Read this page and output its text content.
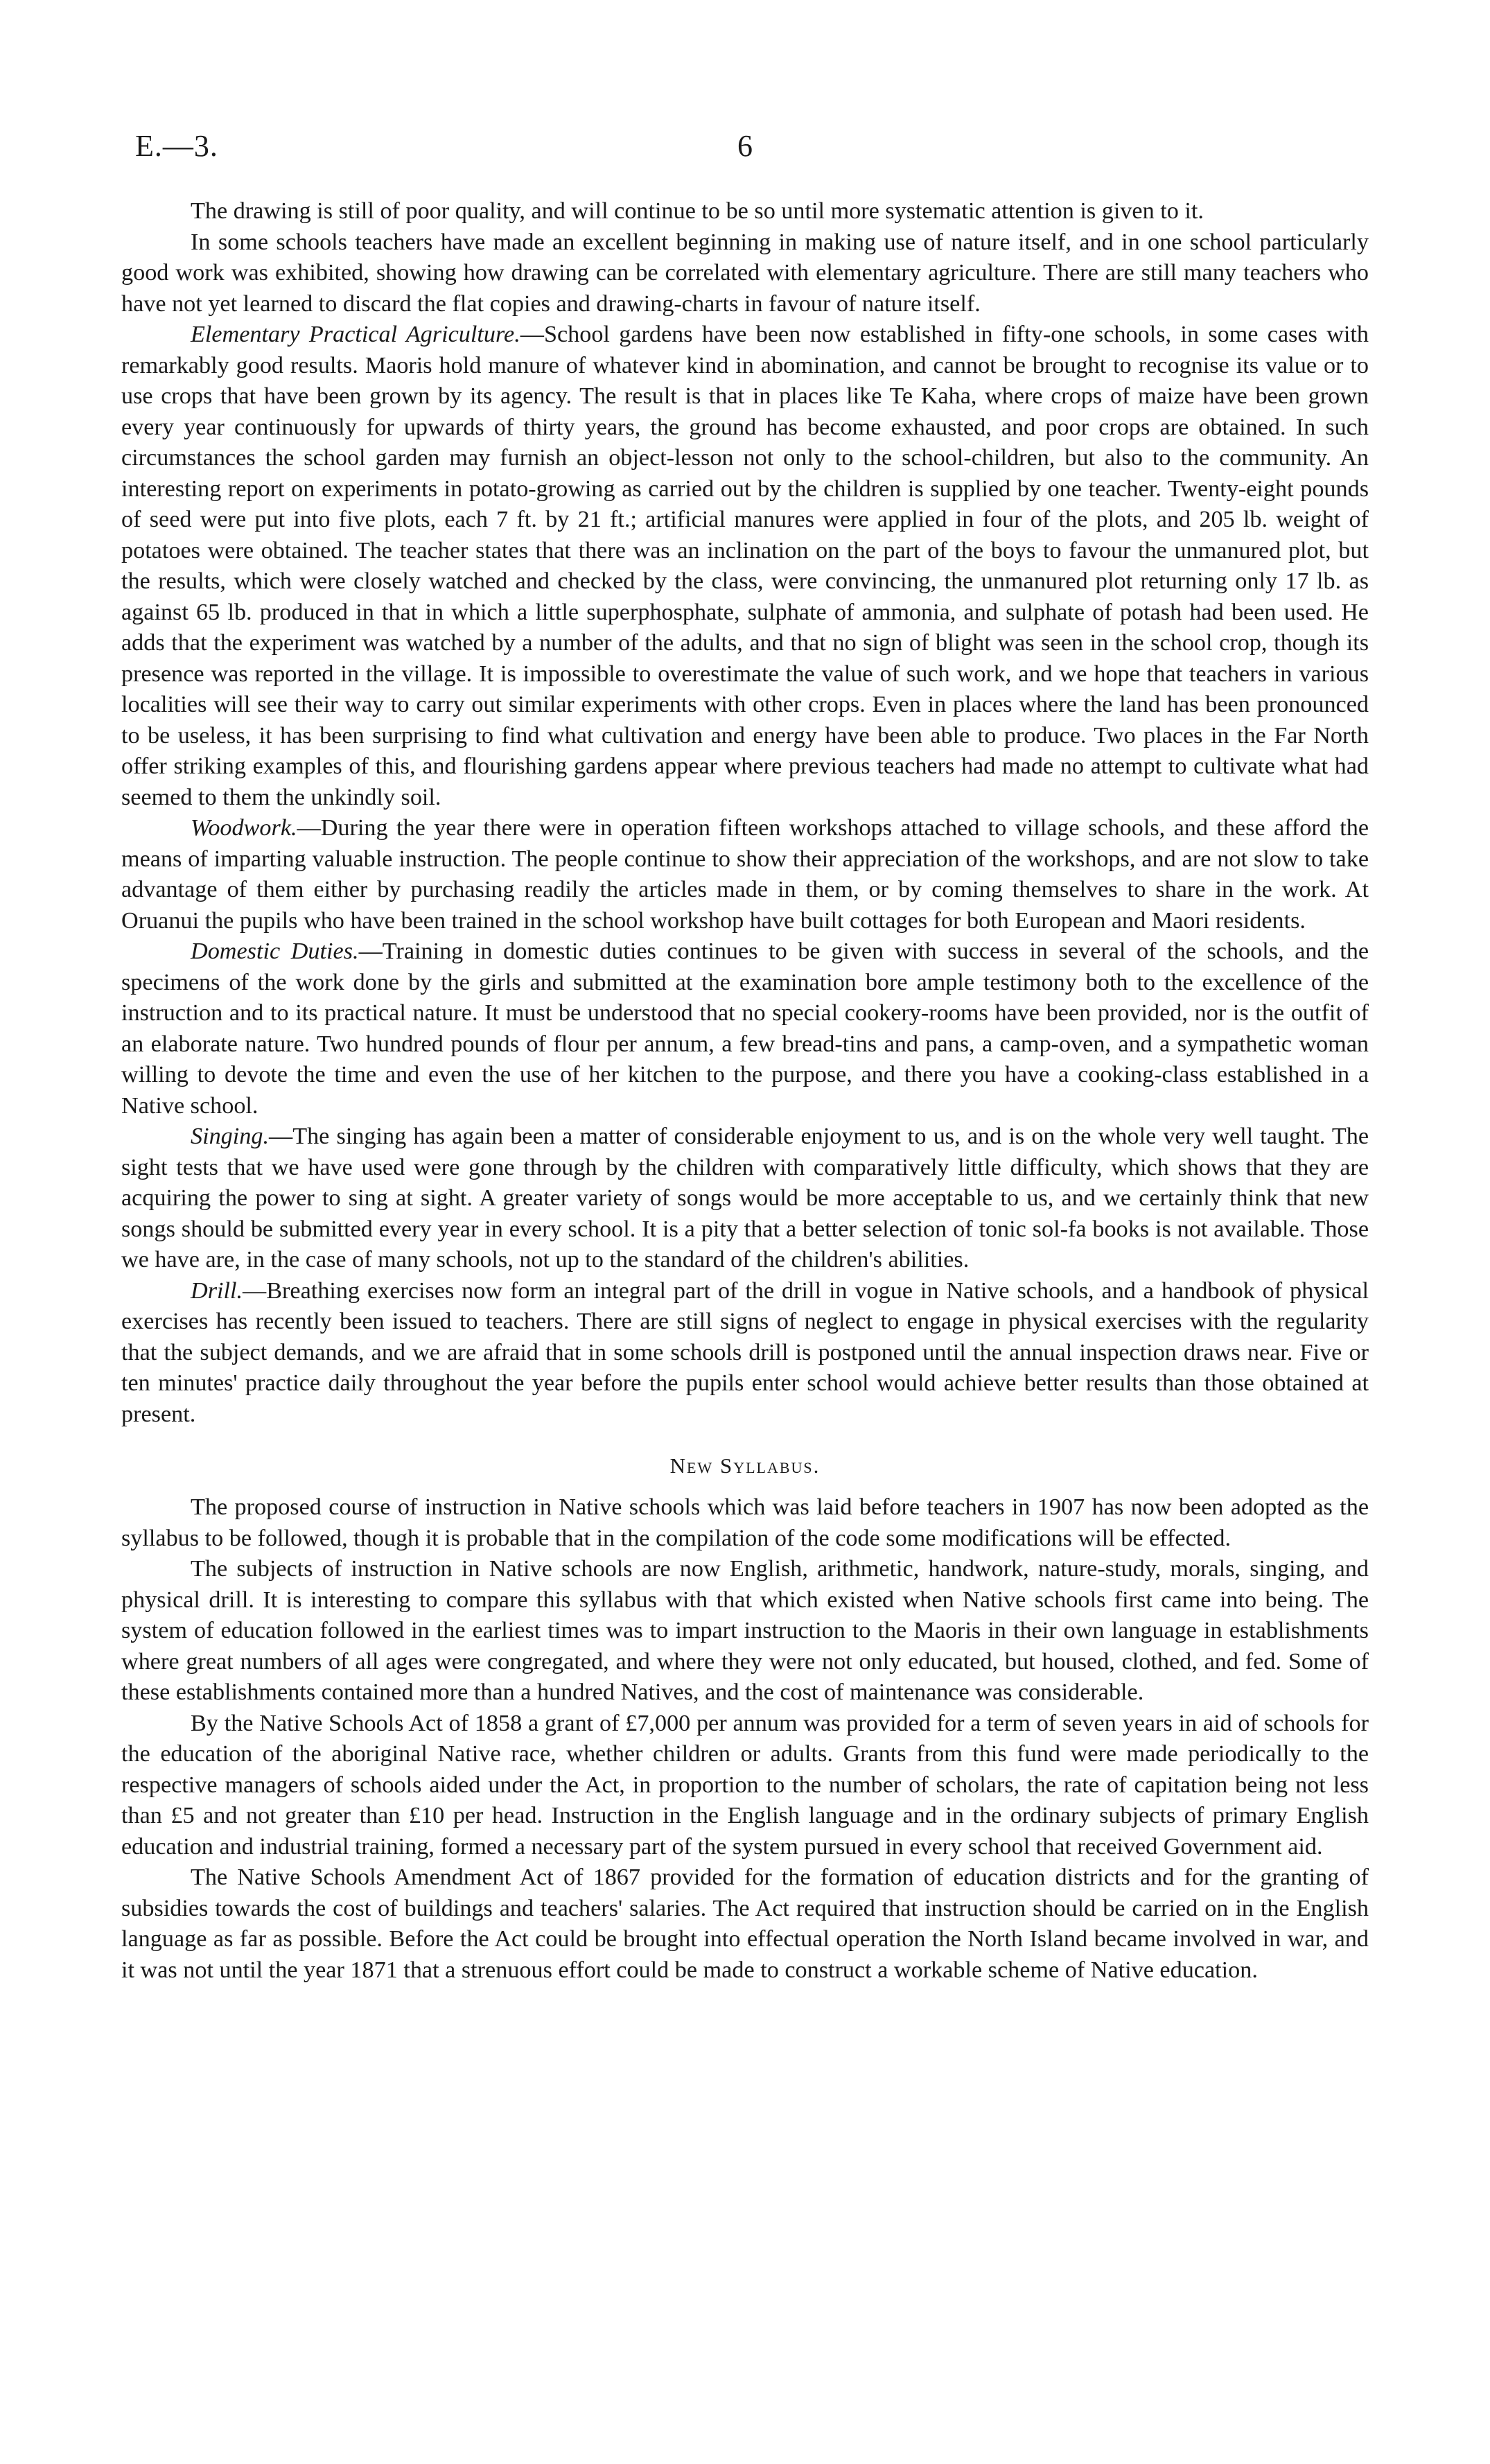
E.—3.	6

The drawing is still of poor quality, and will continue to be so until more systematic attention is given to it.

In some schools teachers have made an excellent beginning in making use of nature itself, and in one school particularly good work was exhibited, showing how drawing can be correlated with elementary agriculture. There are still many teachers who have not yet learned to discard the flat copies and drawing-charts in favour of nature itself.

Elementary Practical Agriculture.—School gardens have been now established in fifty-one schools, in some cases with remarkably good results. Maoris hold manure of whatever kind in abomination, and cannot be brought to recognise its value or to use crops that have been grown by its agency. The result is that in places like Te Kaha, where crops of maize have been grown every year continuously for upwards of thirty years, the ground has become exhausted, and poor crops are obtained. In such circumstances the school garden may furnish an object-lesson not only to the school-children, but also to the community. An interesting report on experiments in potato-growing as carried out by the children is supplied by one teacher. Twenty-eight pounds of seed were put into five plots, each 7 ft. by 21 ft.; artificial manures were applied in four of the plots, and 205 lb. weight of potatoes were obtained. The teacher states that there was an inclination on the part of the boys to favour the unmanured plot, but the results, which were closely watched and checked by the class, were convincing, the unmanured plot returning only 17 lb. as against 65 lb. produced in that in which a little superphosphate, sulphate of ammonia, and sulphate of potash had been used. He adds that the experiment was watched by a number of the adults, and that no sign of blight was seen in the school crop, though its presence was reported in the village. It is impossible to overestimate the value of such work, and we hope that teachers in various localities will see their way to carry out similar experiments with other crops. Even in places where the land has been pronounced to be useless, it has been surprising to find what cultivation and energy have been able to produce. Two places in the Far North offer striking examples of this, and flourishing gardens appear where previous teachers had made no attempt to cultivate what had seemed to them the unkindly soil.

Woodwork.—During the year there were in operation fifteen workshops attached to village schools, and these afford the means of imparting valuable instruction. The people continue to show their appreciation of the workshops, and are not slow to take advantage of them either by purchasing readily the articles made in them, or by coming themselves to share in the work. At Oruanui the pupils who have been trained in the school workshop have built cottages for both European and Maori residents.

Domestic Duties.—Training in domestic duties continues to be given with success in several of the schools, and the specimens of the work done by the girls and submitted at the examination bore ample testimony both to the excellence of the instruction and to its practical nature. It must be understood that no special cookery-rooms have been provided, nor is the outfit of an elaborate nature. Two hundred pounds of flour per annum, a few bread-tins and pans, a camp-oven, and a sympathetic woman willing to devote the time and even the use of her kitchen to the purpose, and there you have a cooking-class established in a Native school.

Singing.—The singing has again been a matter of considerable enjoyment to us, and is on the whole very well taught. The sight tests that we have used were gone through by the children with comparatively little difficulty, which shows that they are acquiring the power to sing at sight. A greater variety of songs would be more acceptable to us, and we certainly think that new songs should be submitted every year in every school. It is a pity that a better selection of tonic sol-fa books is not available. Those we have are, in the case of many schools, not up to the standard of the children's abilities.

Drill.—Breathing exercises now form an integral part of the drill in vogue in Native schools, and a handbook of physical exercises has recently been issued to teachers. There are still signs of neglect to engage in physical exercises with the regularity that the subject demands, and we are afraid that in some schools drill is postponed until the annual inspection draws near. Five or ten minutes' practice daily throughout the year before the pupils enter school would achieve better results than those obtained at present.

New Syllabus.

The proposed course of instruction in Native schools which was laid before teachers in 1907 has now been adopted as the syllabus to be followed, though it is probable that in the compilation of the code some modifications will be effected.

The subjects of instruction in Native schools are now English, arithmetic, handwork, nature-study, morals, singing, and physical drill. It is interesting to compare this syllabus with that which existed when Native schools first came into being. The system of education followed in the earliest times was to impart instruction to the Maoris in their own language in establishments where great numbers of all ages were congregated, and where they were not only educated, but housed, clothed, and fed. Some of these establishments contained more than a hundred Natives, and the cost of maintenance was considerable.

By the Native Schools Act of 1858 a grant of £7,000 per annum was provided for a term of seven years in aid of schools for the education of the aboriginal Native race, whether children or adults. Grants from this fund were made periodically to the respective managers of schools aided under the Act, in proportion to the number of scholars, the rate of capitation being not less than £5 and not greater than £10 per head. Instruction in the English language and in the ordinary subjects of primary English education and industrial training, formed a necessary part of the system pursued in every school that received Government aid.

The Native Schools Amendment Act of 1867 provided for the formation of education districts and for the granting of subsidies towards the cost of buildings and teachers' salaries. The Act required that instruction should be carried on in the English language as far as possible. Before the Act could be brought into effectual operation the North Island became involved in war, and it was not until the year 1871 that a strenuous effort could be made to construct a workable scheme of Native education.
